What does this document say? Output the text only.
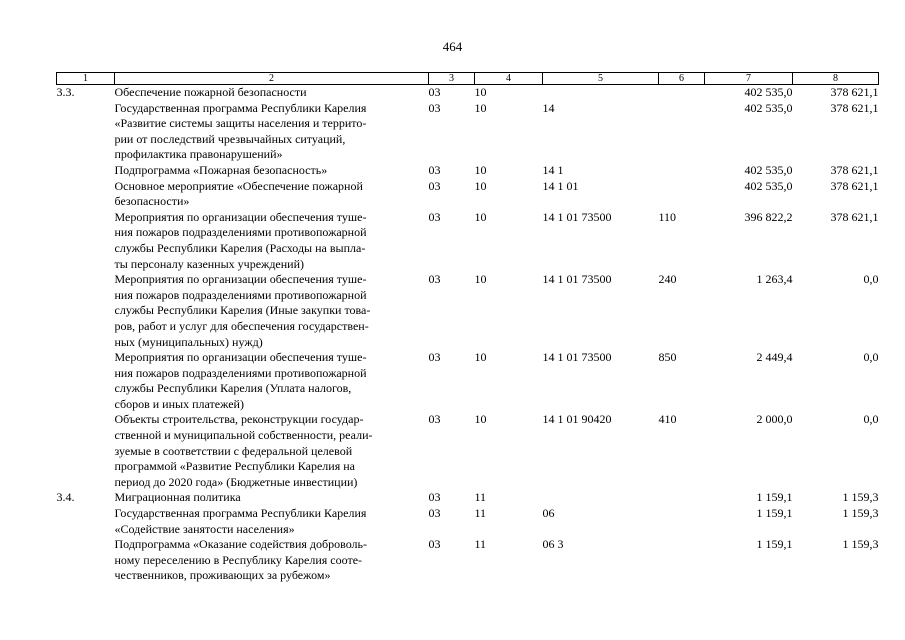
464
1	2	3	4	5	6	7	8
3.3.	Обеспечение пожарной безопасности	03	10			402 535,0	378 621,1
	Государственная программа Республики Карелия
«Развитие системы защиты населения и террито-
рии от последствий чрезвычайных ситуаций,
профилактика правонарушений»	03	10	14		402 535,0	378 621,1
	Подпрограмма «Пожарная безопасность»	03	10	14 1		402 535,0	378 621,1
	Основное мероприятие «Обеспечение пожарной
безопасности»	03	10	14 1 01		402 535,0	378 621,1
	Мероприятия по организации обеспечения туше-
ния пожаров подразделениями противопожарной
службы Республики Карелия (Расходы на выпла-
ты персоналу казенных учреждений)	03	10	14 1 01 73500	110	396 822,2	378 621,1
	Мероприятия по организации обеспечения туше-
ния пожаров подразделениями противопожарной
службы Республики Карелия (Иные закупки това-
ров, работ и услуг для обеспечения государствен-
ных (муниципальных) нужд)	03	10	14 1 01 73500	240	1 263,4	0,0
	Мероприятия по организации обеспечения туше-
ния пожаров подразделениями противопожарной
службы Республики Карелия (Уплата налогов,
сборов и иных платежей)	03	10	14 1 01 73500	850	2 449,4	0,0
	Объекты строительства, реконструкции государ-
ственной и муниципальной собственности, реали-
зуемые в соответствии с федеральной целевой
программой «Развитие Республики Карелия на
период до 2020 года» (Бюджетные инвестиции)	03	10	14 1 01 90420	410	2 000,0	0,0
3.4.	Миграционная политика	03	11			1 159,1	1 159,3
	Государственная программа Республики Карелия
«Содействие занятости населения»	03	11	06		1 159,1	1 159,3
	Подпрограмма «Оказание содействия доброволь-
ному переселению в Республику Карелия соотe-
чественников, проживающих за рубежом»	03	11	06 3		1 159,1	1 159,3
